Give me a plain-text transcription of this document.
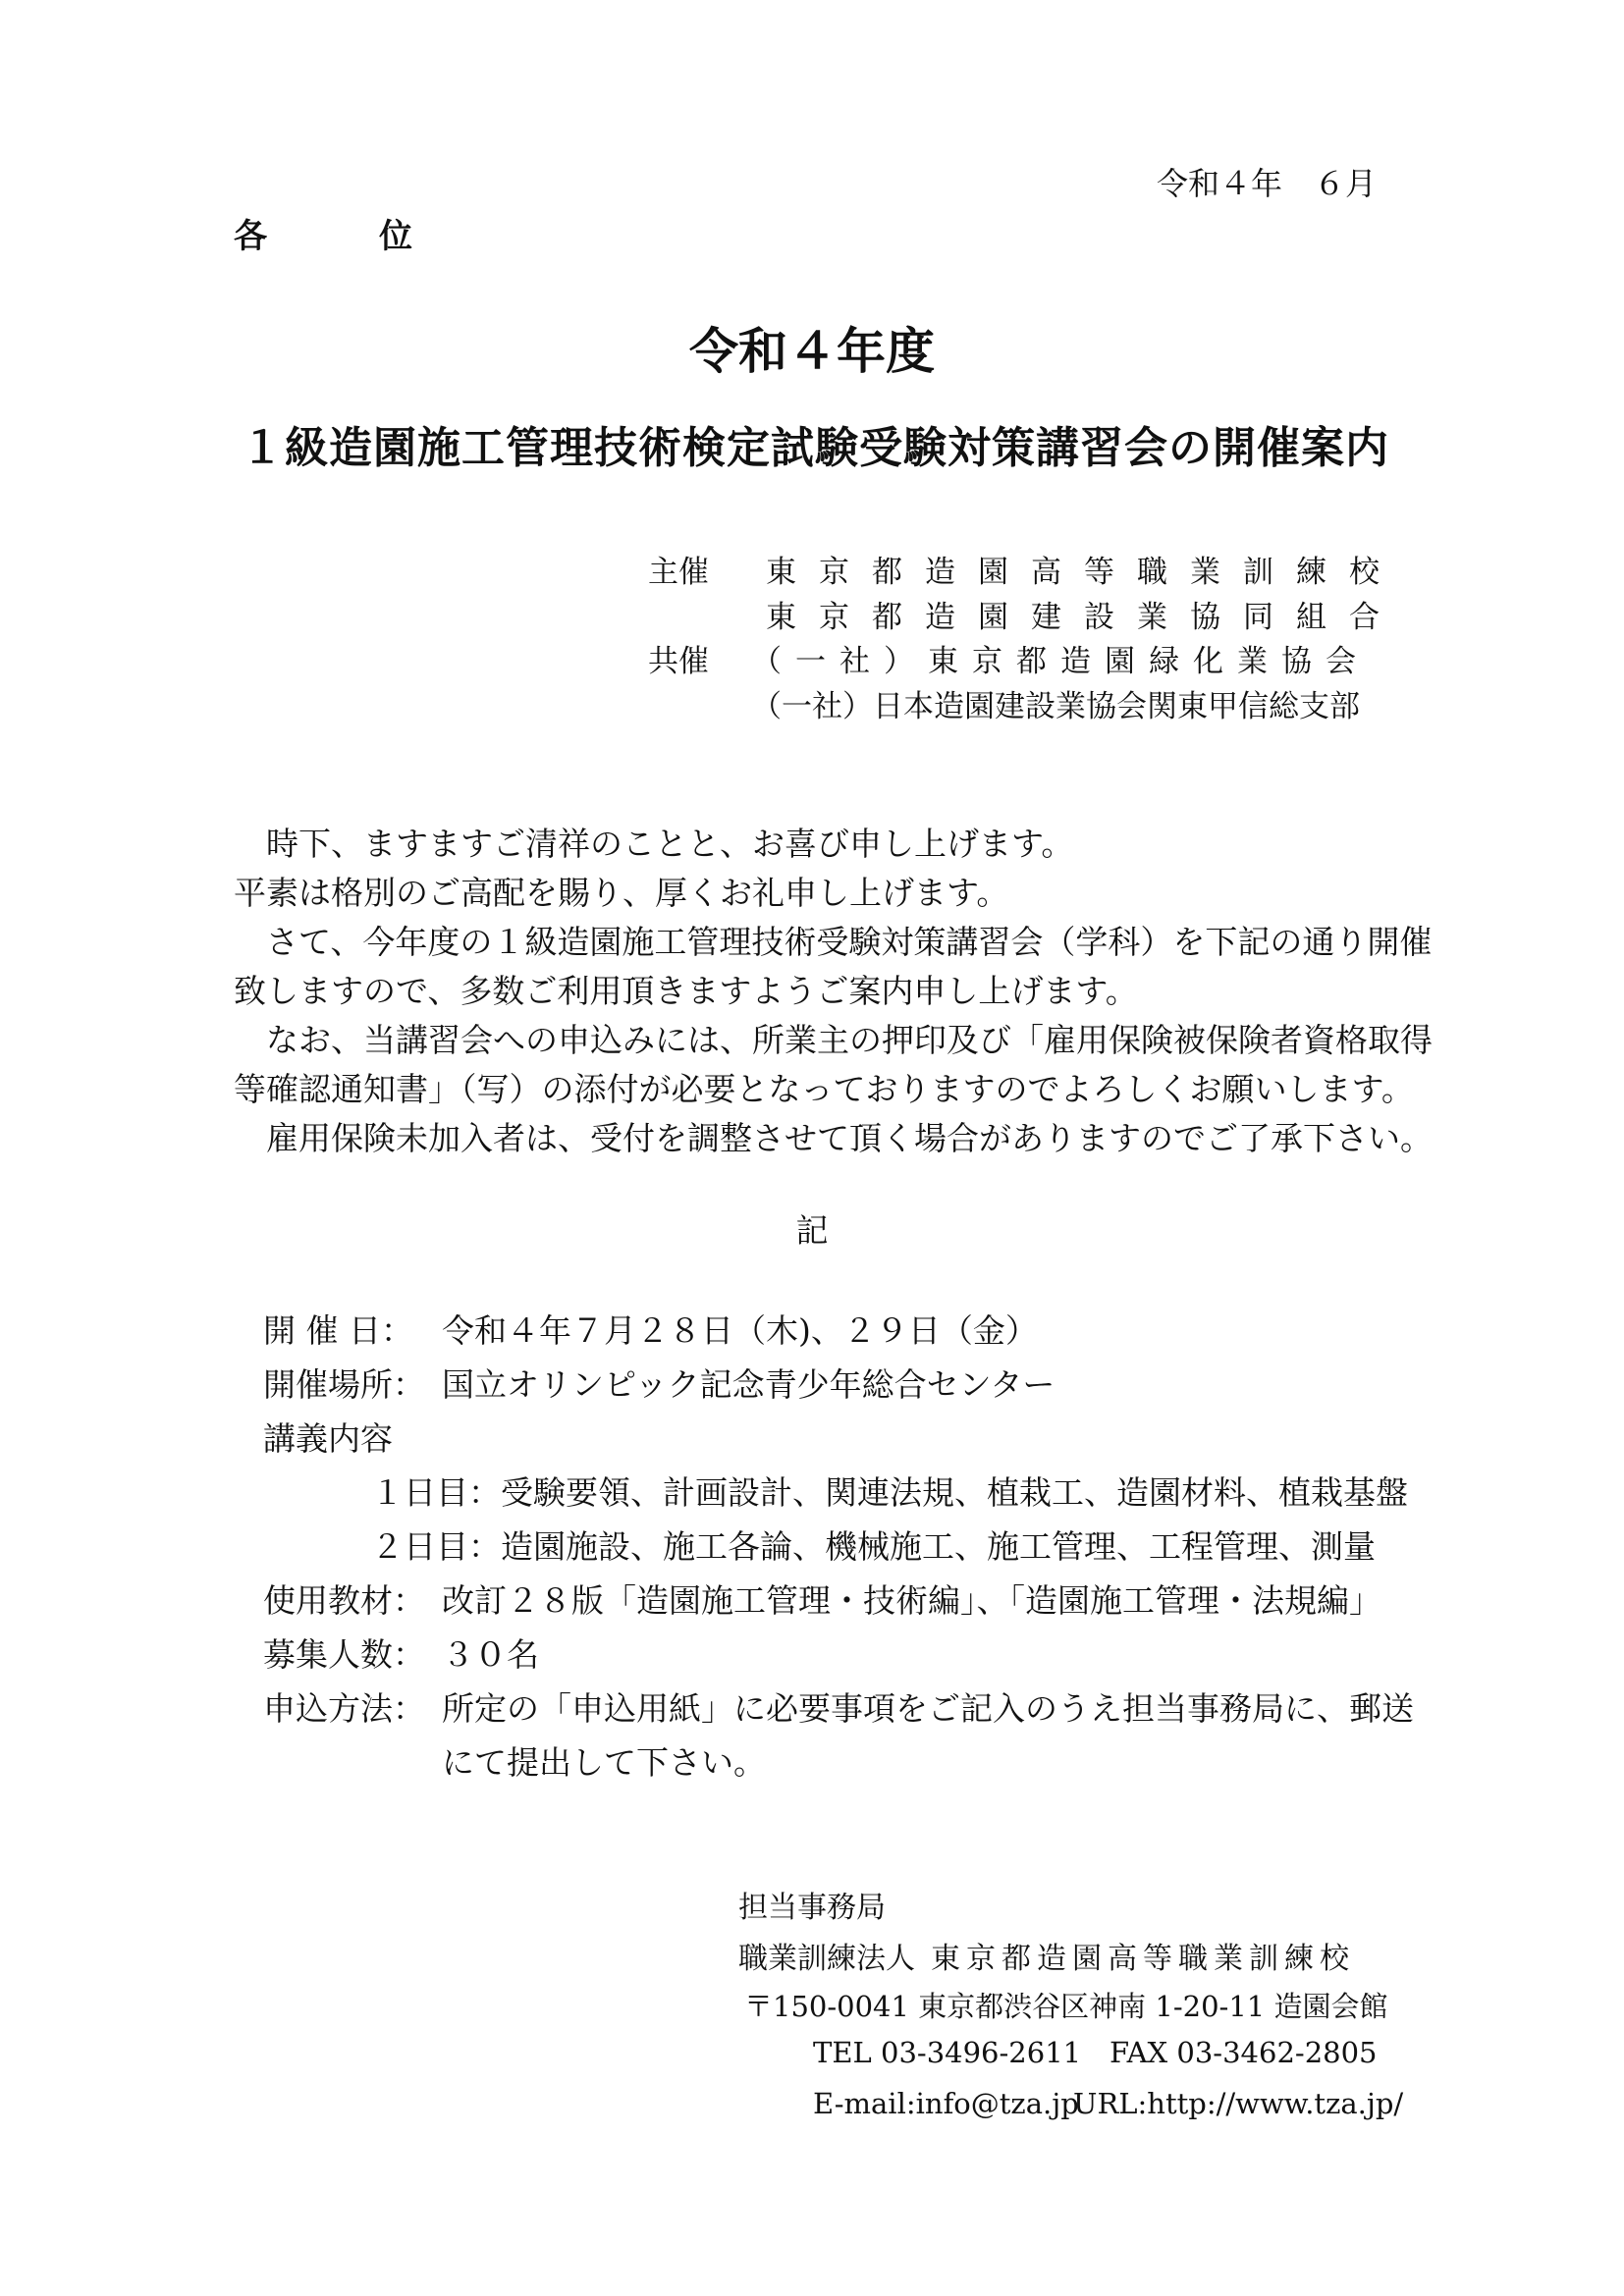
令和４年　６月
各　位
令和４年度
１級造園施工管理技術検定試験受験対策講習会の開催案内
主催 東京都造園高等職業訓練校
東京都造園建設業協同組合
共催 （一社）東京都造園緑化業協会
（一社）日本造園建設業協会関東甲信総支部
　時下、ますますご清祥のことと、お喜び申し上げます。
平素は格別のご高配を賜り、厚くお礼申し上げます。
　さて、今年度の１級造園施工管理技術受験対策講習会（学科）を下記の通り開催
致しますので、多数ご利用頂きますようご案内申し上げます。
　なお、当講習会への申込みには、所業主の押印及び「雇用保険被保険者資格取得
等確認通知書」（写）の添付が必要となっておりますのでよろしくお願いします。
　雇用保険未加入者は、受付を調整させて頂く場合がありますのでご了承下さい。
記
開 催 日： 令和４年７月２８日（木)、２９日（金）
開催場所： 国立オリンピック記念青少年総合センター
講義内容
１日目：受験要領、計画設計、関連法規、植栽工、造園材料、植栽基盤
２日目：造園施設、施工各論、機械施工、施工管理、工程管理、測量
使用教材： 改訂２８版「造園施工管理・技術編」、「造園施工管理・法規編」
募集人数： ３０名
申込方法： 所定の「申込用紙」に必要事項をご記入のうえ担当事務局に、郵送
にて提出して下さい。
担当事務局
職業訓練法人 東京都造園高等職業訓練校
〒150-0041 東京都渋谷区神南 1-20-11 造園会館
TEL 03-3496-2611 FAX 03-3462-2805
E-mail:info@tza.jp
URL:http://www.tza.jp/
